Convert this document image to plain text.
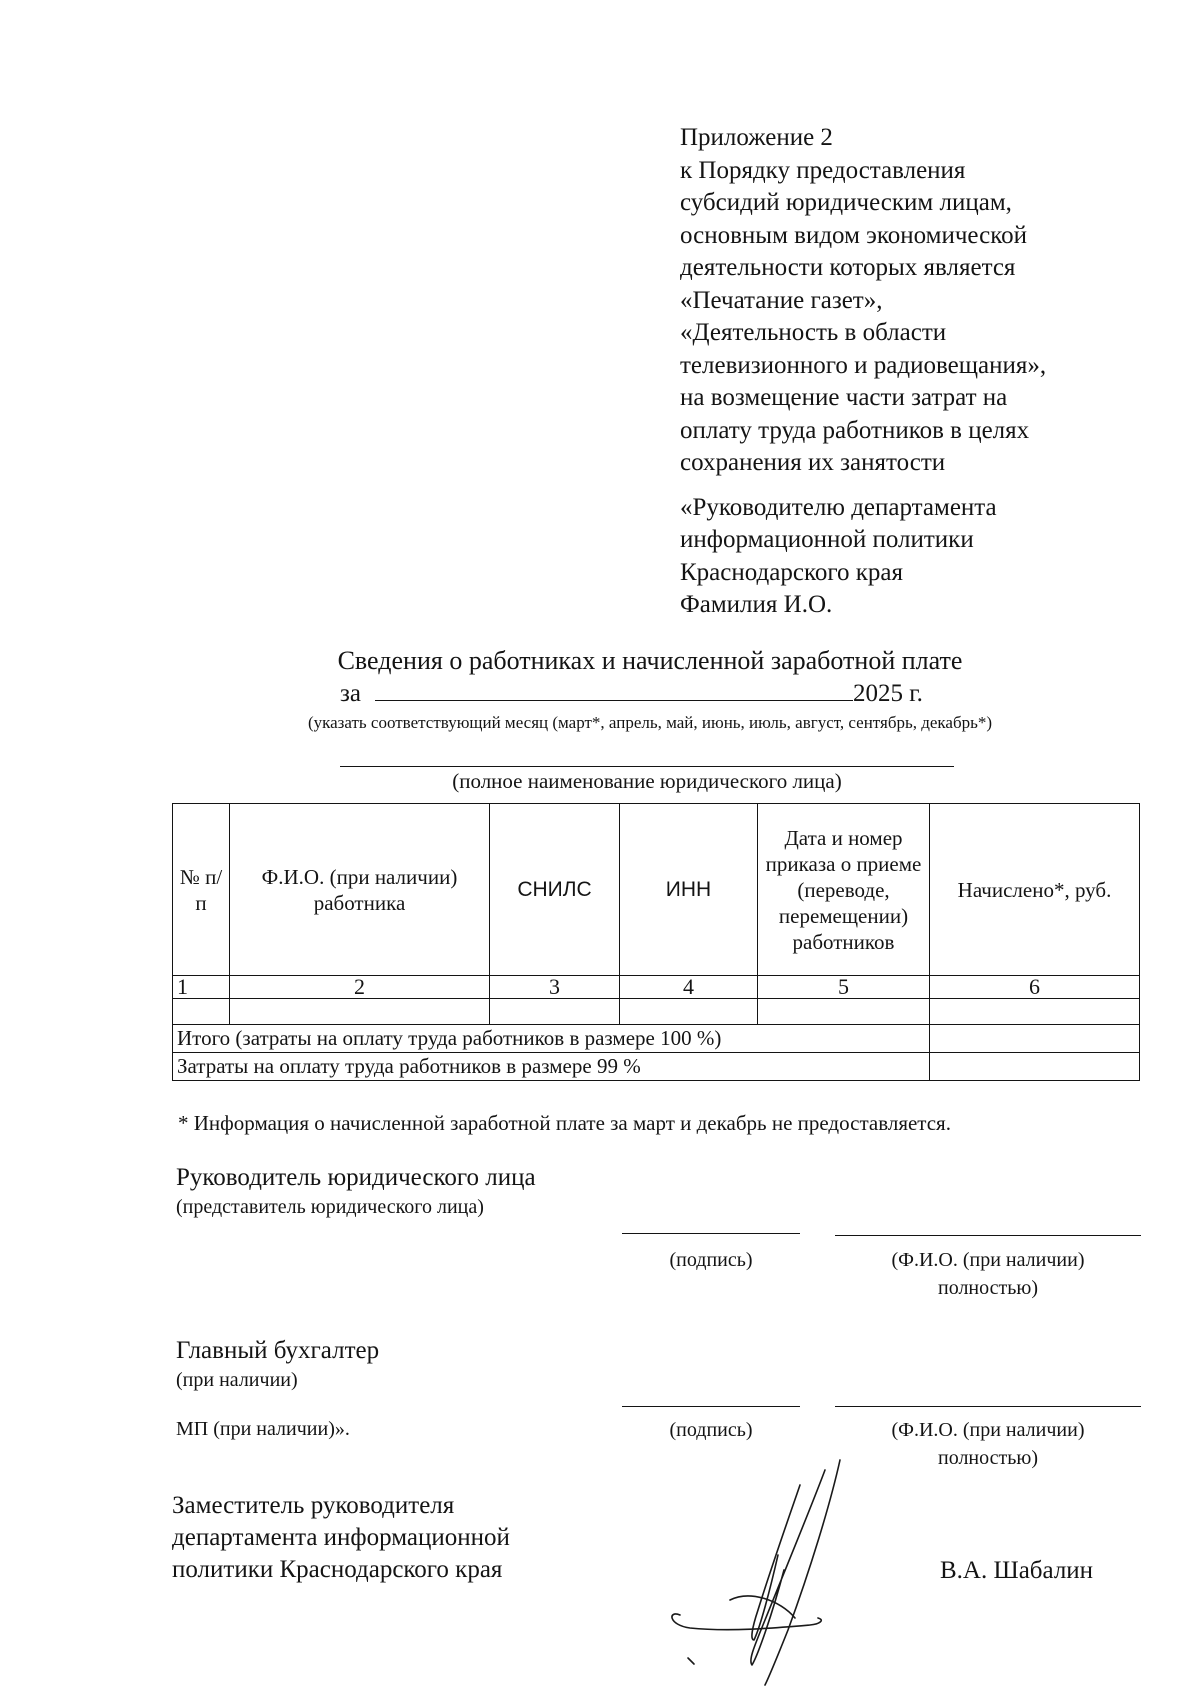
Приложение 2
к Порядку предоставления
субсидий юридическим лицам,
основным видом экономической
деятельности которых является
«Печатание газет»,
«Деятельность в области
телевизионного и радиовещания»,
на возмещение части затрат на
оплату труда работников в целях
сохранения их занятости
«Руководителю департамента
информационной политики
Краснодарского края
Фамилия И.О.
Сведения о работниках и начисленной заработной плате
за	2025 г.
(указать соответствующий месяц (март*, апрель, май, июнь, июль, август, сентябрь, декабрь*)
(полное наименование юридического лица)
№ п/п	Ф.И.О. (при наличии) работника	СНИЛС	ИНН	Дата и номер приказа о приеме (переводе, перемещении) работников	Начислено*, руб.
1	2	3	4	5	6

Итого (затраты на оплату труда работников в размере 100 %)					
Затраты на оплату труда работников в размере 99 %					
* Информация о начисленной заработной плате за март и декабрь не предоставляется.
Руководитель юридического лица
(представитель юридического лица)
(подпись)	(Ф.И.О. (при наличии)
полностью)
Главный бухгалтер
(при наличии)
МП (при наличии)».	(подпись)	(Ф.И.О. (при наличии)
полностью)
Заместитель руководителя
департамента информационной
политики Краснодарского края	В.А. Шабалин
